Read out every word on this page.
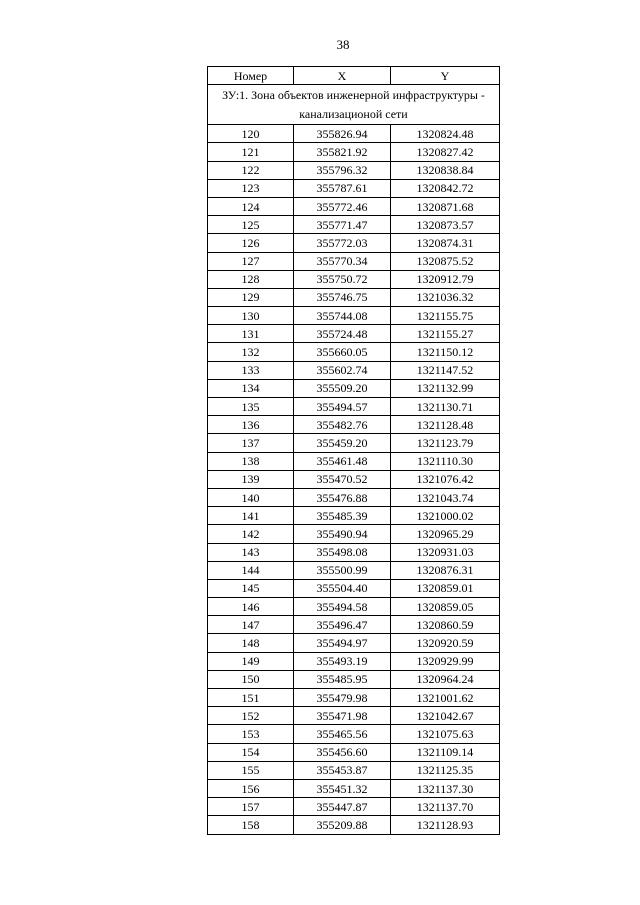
38
Номер	X	Y
ЗУ:1. Зона объектов инженерной инфраструктуры - канализационой сети		
120	355826.94	1320824.48
121	355821.92	1320827.42
122	355796.32	1320838.84
123	355787.61	1320842.72
124	355772.46	1320871.68
125	355771.47	1320873.57
126	355772.03	1320874.31
127	355770.34	1320875.52
128	355750.72	1320912.79
129	355746.75	1321036.32
130	355744.08	1321155.75
131	355724.48	1321155.27
132	355660.05	1321150.12
133	355602.74	1321147.52
134	355509.20	1321132.99
135	355494.57	1321130.71
136	355482.76	1321128.48
137	355459.20	1321123.79
138	355461.48	1321110.30
139	355470.52	1321076.42
140	355476.88	1321043.74
141	355485.39	1321000.02
142	355490.94	1320965.29
143	355498.08	1320931.03
144	355500.99	1320876.31
145	355504.40	1320859.01
146	355494.58	1320859.05
147	355496.47	1320860.59
148	355494.97	1320920.59
149	355493.19	1320929.99
150	355485.95	1320964.24
151	355479.98	1321001.62
152	355471.98	1321042.67
153	355465.56	1321075.63
154	355456.60	1321109.14
155	355453.87	1321125.35
156	355451.32	1321137.30
157	355447.87	1321137.70
158	355209.88	1321128.93
